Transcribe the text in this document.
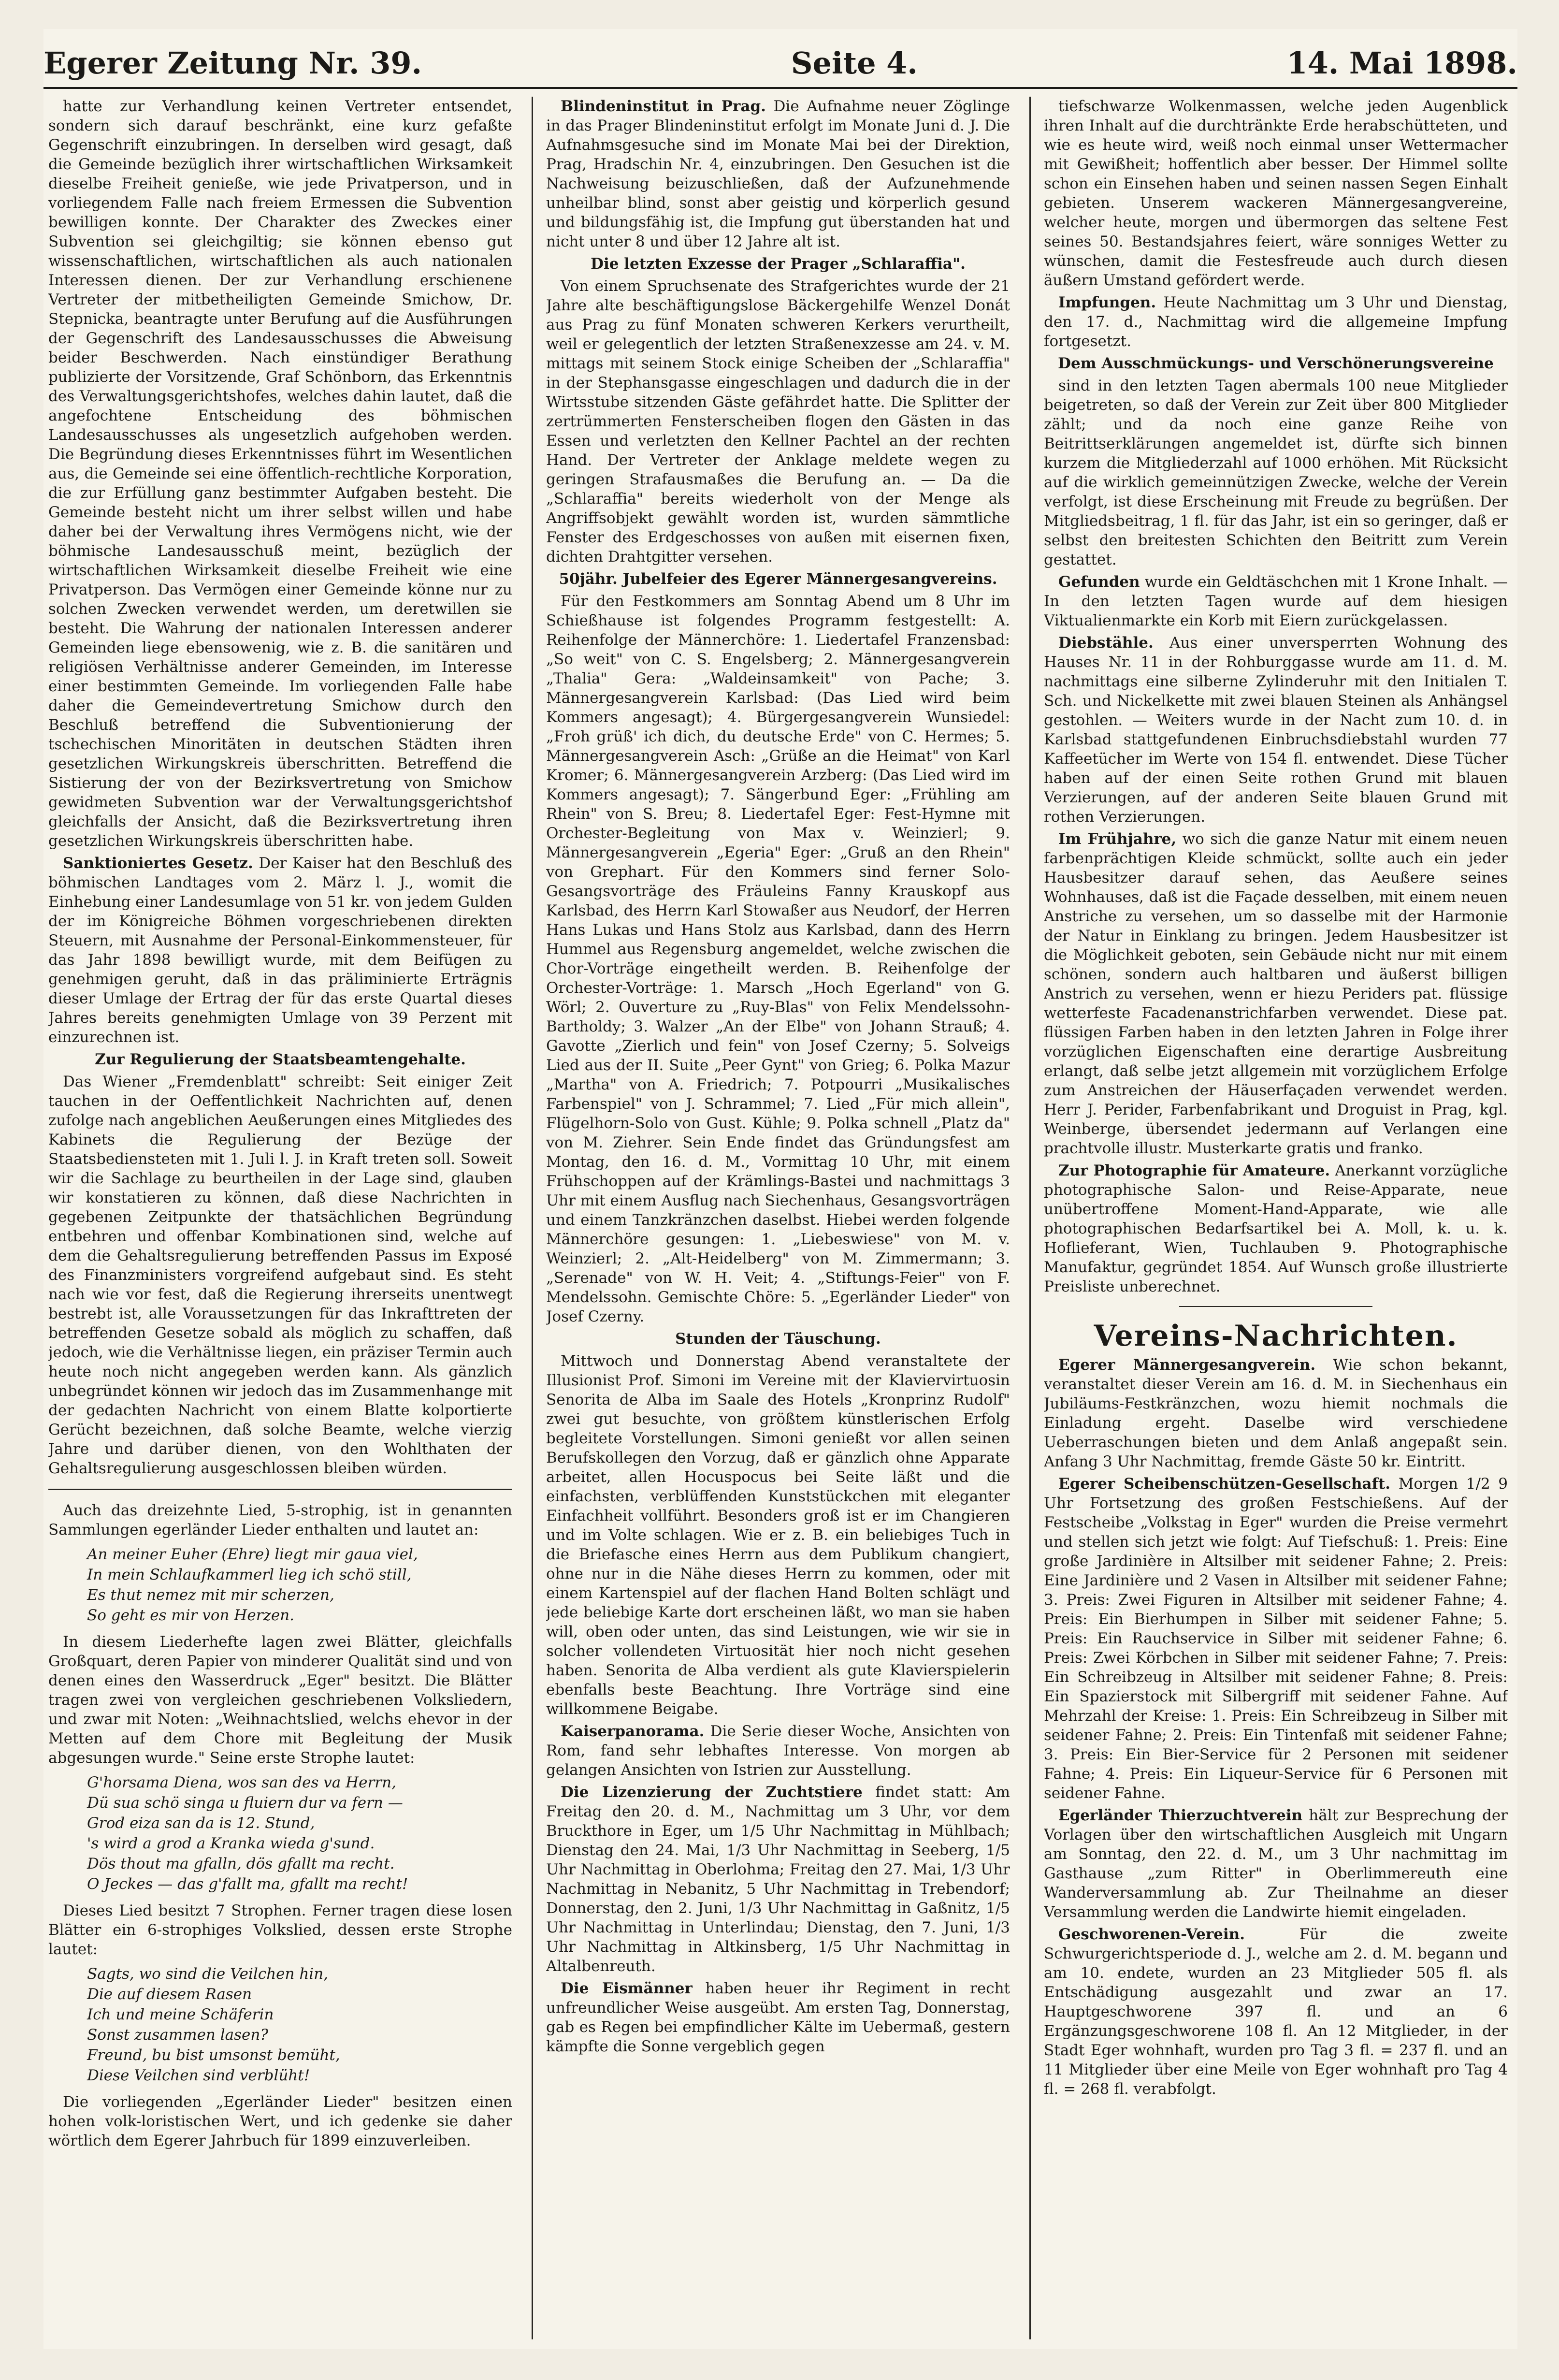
Egerer Zeitung Nr. 39.	Seite 4.	14. Mai 1898.

hatte zur Verhandlung keinen Vertreter entsendet, sondern sich darauf beschränkt, eine kurz gefaßte Gegenschrift einzubringen. In derselben wird gesagt, daß die Gemeinde bezüglich ihrer wirtschaftlichen Wirksamkeit dieselbe Freiheit genieße, wie jede Privatperson, und in vorliegendem Falle nach freiem Ermessen die Subvention bewilligen konnte. Der Charakter des Zweckes einer Subvention sei gleichgiltig; sie können ebenso gut wissenschaftlichen, wirtschaftlichen als auch nationalen Interessen dienen. Der zur Verhandlung erschienene Vertreter der mitbetheiligten Gemeinde Smichow, Dr. Stepnicka, beantragte unter Berufung auf die Ausführungen der Gegenschrift des Landesausschusses die Abweisung beider Beschwerden. Nach einstündiger Berathung publizierte der Vorsitzende, Graf Schönborn, das Erkenntnis des Verwaltungsgerichtshofes, welches dahin lautet, daß die angefochtene Entscheidung des böhmischen Landesausschusses als ungesetzlich aufgehoben werden. Die Begründung dieses Erkenntnisses führt im Wesentlichen aus, die Gemeinde sei eine öffentlich-rechtliche Korporation, die zur Erfüllung ganz bestimmter Aufgaben besteht. Die Gemeinde besteht nicht um ihrer selbst willen und habe daher bei der Verwaltung ihres Vermögens nicht, wie der böhmische Landesausschuß meint, bezüglich der wirtschaftlichen Wirksamkeit dieselbe Freiheit wie eine Privatperson. Das Vermögen einer Gemeinde könne nur zu solchen Zwecken verwendet werden, um deretwillen sie besteht. Die Wahrung der nationalen Interessen anderer Gemeinden liege ebensowenig, wie z. B. die sanitären und religiösen Verhältnisse anderer Gemeinden, im Interesse einer bestimmten Gemeinde. Im vorliegenden Falle habe daher die Gemeindevertretung Smichow durch den Beschluß betreffend die Subventionierung der tschechischen Minoritäten in deutschen Städten ihren gesetzlichen Wirkungskreis überschritten. Betreffend die Sistierung der von der Bezirksvertretung von Smichow gewidmeten Subvention war der Verwaltungsgerichtshof gleichfalls der Ansicht, daß die Bezirksvertretung ihren gesetzlichen Wirkungskreis überschritten habe.

Sanktioniertes Gesetz. Der Kaiser hat den Beschluß des böhmischen Landtages vom 2. März l. J., womit die Einhebung einer Landesumlage von 51 kr. von jedem Gulden der im Königreiche Böhmen vorgeschriebenen direkten Steuern, mit Ausnahme der Personal-Einkommensteuer, für das Jahr 1898 bewilligt wurde, mit dem Beifügen zu genehmigen geruht, daß in das präliminierte Erträgnis dieser Umlage der Ertrag der für das erste Quartal dieses Jahres bereits genehmigten Umlage von 39 Perzent mit einzurechnen ist.

Zur Regulierung der Staatsbeamtengehalte.

Das Wiener „Fremdenblatt" schreibt: Seit einiger Zeit tauchen in der Oeffentlichkeit Nachrichten auf, denen zufolge nach angeblichen Aeußerungen eines Mitgliedes des Kabinets die Regulierung der Bezüge der Staatsbediensteten mit 1. Juli l. J. in Kraft treten soll. Soweit wir die Sachlage zu beurtheilen in der Lage sind, glauben wir konstatieren zu können, daß diese Nachrichten in gegebenen Zeitpunkte der thatsächlichen Begründung entbehren und offenbar Kombinationen sind, welche auf dem die Gehaltsregulierung betreffenden Passus im Exposé des Finanzministers vorgreifend aufgebaut sind. Es steht nach wie vor fest, daß die Regierung ihrerseits unentwegt bestrebt ist, alle Voraussetzungen für das Inkrafttreten der betreffenden Gesetze sobald als möglich zu schaffen, daß jedoch, wie die Verhältnisse liegen, ein präziser Termin auch heute noch nicht angegeben werden kann. Als gänzlich unbegründet können wir jedoch das im Zusammenhange mit der gedachten Nachricht von einem Blatte kolportierte Gerücht bezeichnen, daß solche Beamte, welche vierzig Jahre und darüber dienen, von den Wohlthaten der Gehaltsregulierung ausgeschlossen bleiben würden.

Auch das dreizehnte Lied, 5-strophig, ist in genannten Sammlungen egerländer Lieder enthalten und lautet an:

An meiner Euher (Ehre) liegt mir gaua viel,
In mein Schlaufkammerl lieg ich schö still,
Es thut nemez mit mir scherzen,
So geht es mir von Herzen.

In diesem Liederhefte lagen zwei Blätter, gleichfalls Großquart, deren Papier von minderer Qualität sind und von denen eines den Wasserdruck „Eger" besitzt. Die Blätter tragen zwei von vergleichen geschriebenen Volksliedern, und zwar mit Noten: „Weihnachtslied, welchs ehevor in der Metten auf dem Chore mit Begleitung der Musik abgesungen wurde." Seine erste Strophe lautet:

G'horsama Diena, wos san des va Herrn,
Dü sua schö singa u fluiern dur va fern —
Grod eiza san da is 12. Stund,
's wird a grod a Kranka wieda g'sund.
Dös thout ma gfalln, dös gfallt ma recht.
O Jeckes — das g'fallt ma, gfallt ma recht!

Dieses Lied besitzt 7 Strophen. Ferner tragen diese losen Blätter ein 6-strophiges Volkslied, dessen erste Strophe lautet:

Sagts, wo sind die Veilchen hin,
Die auf diesem Rasen
Ich und meine Schäferin
Sonst zusammen lasen?
Freund, bu bist umsonst bemüht,
Diese Veilchen sind verblüht!

Die vorliegenden „Egerländer Lieder" besitzen einen hohen volk-loristischen Wert, und ich gedenke sie daher wörtlich dem Egerer Jahrbuch für 1899 einzuverleiben.

Blindeninstitut in Prag. Die Aufnahme neuer Zöglinge in das Prager Blindeninstitut erfolgt im Monate Juni d. J. Die Aufnahmsgesuche sind im Monate Mai bei der Direktion, Prag, Hradschin Nr. 4, einzubringen. Den Gesuchen ist die Nachweisung beizuschließen, daß der Aufzunehmende unheilbar blind, sonst aber geistig und körperlich gesund und bildungsfähig ist, die Impfung gut überstanden hat und nicht unter 8 und über 12 Jahre alt ist.

Die letzten Exzesse der Prager „Schlaraffia".

Von einem Spruchsenate des Strafgerichtes wurde der 21 Jahre alte beschäftigungslose Bäckergehilfe Wenzel Donát aus Prag zu fünf Monaten schweren Kerkers verurtheilt, weil er gelegentlich der letzten Straßenexzesse am 24. v. M. mittags mit seinem Stock einige Scheiben der „Schlaraffia" in der Stephansgasse eingeschlagen und dadurch die in der Wirtsstube sitzenden Gäste gefährdet hatte. Die Splitter der zertrümmerten Fensterscheiben flogen den Gästen in das Essen und verletzten den Kellner Pachtel an der rechten Hand. Der Vertreter der Anklage meldete wegen zu geringen Strafausmaßes die Berufung an. — Da die „Schlaraffia" bereits wiederholt von der Menge als Angriffsobjekt gewählt worden ist, wurden sämmtliche Fenster des Erdgeschosses von außen mit eisernen fixen, dichten Drahtgitter versehen.

50jähr. Jubelfeier des Egerer Männergesangvereins.

Für den Festkommers am Sonntag Abend um 8 Uhr im Schießhause ist folgendes Programm festgestellt: A. Reihenfolge der Männerchöre: 1. Liedertafel Franzensbad: „So weit" von C. S. Engelsberg; 2. Männergesangverein „Thalia" Gera: „Waldeinsamkeit" von Pache; 3. Männergesangverein Karlsbad: (Das Lied wird beim Kommers angesagt); 4. Bürgergesangverein Wunsiedel: „Froh grüß' ich dich, du deutsche Erde" von C. Hermes; 5. Männergesangverein Asch: „Grüße an die Heimat" von Karl Kromer; 6. Männergesangverein Arzberg: (Das Lied wird im Kommers angesagt); 7. Sängerbund Eger: „Frühling am Rhein" von S. Breu; 8. Liedertafel Eger: Fest-Hymne mit Orchester-Begleitung von Max v. Weinzierl; 9. Männergesangverein „Egeria" Eger: „Gruß an den Rhein" von Grephart. Für den Kommers sind ferner Solo-Gesangsvorträge des Fräuleins Fanny Krauskopf aus Karlsbad, des Herrn Karl Stowaßer aus Neudorf, der Herren Hans Lukas und Hans Stolz aus Karlsbad, dann des Herrn Hummel aus Regensburg angemeldet, welche zwischen die Chor-Vorträge eingetheilt werden. B. Reihenfolge der Orchester-Vorträge: 1. Marsch „Hoch Egerland" von G. Wörl; 2. Ouverture zu „Ruy-Blas" von Felix Mendelssohn-Bartholdy; 3. Walzer „An der Elbe" von Johann Strauß; 4. Gavotte „Zierlich und fein" von Josef Czerny; 5. Solveigs Lied aus der II. Suite „Peer Gynt" von Grieg; 6. Polka Mazur „Martha" von A. Friedrich; 7. Potpourri „Musikalisches Farbenspiel" von J. Schrammel; 7. Lied „Für mich allein", Flügelhorn-Solo von Gust. Kühle; 9. Polka schnell „Platz da" von M. Ziehrer. Sein Ende findet das Gründungsfest am Montag, den 16. d. M., Vormittag 10 Uhr, mit einem Frühschoppen auf der Krämlings-Bastei und nachmittags 3 Uhr mit einem Ausflug nach Siechenhaus, Gesangsvorträgen und einem Tanzkränzchen daselbst. Hiebei werden folgende Männerchöre gesungen: 1. „Liebeswiese" von M. v. Weinzierl; 2. „Alt-Heidelberg" von M. Zimmermann; 3. „Serenade" von W. H. Veit; 4. „Stiftungs-Feier" von F. Mendelssohn. Gemischte Chöre: 5. „Egerländer Lieder" von Josef Czerny.

Stunden der Täuschung.

Mittwoch und Donnerstag Abend veranstaltete der Illusionist Prof. Simoni im Vereine mit der Klaviervirtuosin Senorita de Alba im Saale des Hotels „Kronprinz Rudolf" zwei gut besuchte, von größtem künstlerischen Erfolg begleitete Vorstellungen. Simoni genießt vor allen seinen Berufskollegen den Vorzug, daß er gänzlich ohne Apparate arbeitet, allen Hocuspocus bei Seite läßt und die einfachsten, verblüffenden Kunststückchen mit eleganter Einfachheit vollführt. Besonders groß ist er im Changieren und im Volte schlagen. Wie er z. B. ein beliebiges Tuch in die Briefasche eines Herrn aus dem Publikum changiert, ohne nur in die Nähe dieses Herrn zu kommen, oder mit einem Kartenspiel auf der flachen Hand Bolten schlägt und jede beliebige Karte dort erscheinen läßt, wo man sie haben will, oben oder unten, das sind Leistungen, wie wir sie in solcher vollendeten Virtuosität hier noch nicht gesehen haben. Senorita de Alba verdient als gute Klavierspielerin ebenfalls beste Beachtung. Ihre Vorträge sind eine willkommene Beigabe.

Kaiserpanorama. Die Serie dieser Woche, Ansichten von Rom, fand sehr lebhaftes Interesse. Von morgen ab gelangen Ansichten von Istrien zur Ausstellung.

Die Lizenzierung der Zuchtstiere findet statt: Am Freitag den 20. d. M., Nachmittag um 3 Uhr, vor dem Bruckthore in Eger, um 1/5 Uhr Nachmittag in Mühlbach; Dienstag den 24. Mai, 1/3 Uhr Nachmittag in Seeberg, 1/5 Uhr Nachmittag in Oberlohma; Freitag den 27. Mai, 1/3 Uhr Nachmittag in Nebanitz, 5 Uhr Nachmittag in Trebendorf; Donnerstag, den 2. Juni, 1/3 Uhr Nachmittag in Gaßnitz, 1/5 Uhr Nachmittag in Unterlindau; Dienstag, den 7. Juni, 1/3 Uhr Nachmittag in Altkinsberg, 1/5 Uhr Nachmittag in Altalbenreuth.

Die Eismänner haben heuer ihr Regiment in recht unfreundlicher Weise ausgeübt. Am ersten Tag, Donnerstag, gab es Regen bei empfindlicher Kälte im Uebermaß, gestern kämpfte die Sonne vergeblich gegen

tiefschwarze Wolkenmassen, welche jeden Augenblick ihren Inhalt auf die durchtränkte Erde herabschütteten, und wie es heute wird, weiß noch einmal unser Wettermacher mit Gewißheit; hoffentlich aber besser. Der Himmel sollte schon ein Einsehen haben und seinen nassen Segen Einhalt gebieten. Unserem wackeren Männergesangvereine, welcher heute, morgen und übermorgen das seltene Fest seines 50. Bestandsjahres feiert, wäre sonniges Wetter zu wünschen, damit die Festesfreude auch durch diesen äußern Umstand gefördert werde.

Impfungen. Heute Nachmittag um 3 Uhr und Dienstag, den 17. d., Nachmittag wird die allgemeine Impfung fortgesetzt.

Dem Ausschmückungs- und Verschönerungsvereine

sind in den letzten Tagen abermals 100 neue Mitglieder beigetreten, so daß der Verein zur Zeit über 800 Mitglieder zählt; und da noch eine ganze Reihe von Beitrittserklärungen angemeldet ist, dürfte sich binnen kurzem die Mitgliederzahl auf 1000 erhöhen. Mit Rücksicht auf die wirklich gemeinnützigen Zwecke, welche der Verein verfolgt, ist diese Erscheinung mit Freude zu begrüßen. Der Mitgliedsbeitrag, 1 fl. für das Jahr, ist ein so geringer, daß er selbst den breitesten Schichten den Beitritt zum Verein gestattet.

Gefunden wurde ein Geldtäschchen mit 1 Krone Inhalt. — In den letzten Tagen wurde auf dem hiesigen Viktualienmarkte ein Korb mit Eiern zurückgelassen.

Diebstähle. Aus einer unversperrten Wohnung des Hauses Nr. 11 in der Rohburggasse wurde am 11. d. M. nachmittags eine silberne Zylinderuhr mit den Initialen T. Sch. und Nickelkette mit zwei blauen Steinen als Anhängsel gestohlen. — Weiters wurde in der Nacht zum 10. d. in Karlsbad stattgefundenen Einbruchsdiebstahl wurden 77 Kaffeetücher im Werte von 154 fl. entwendet. Diese Tücher haben auf der einen Seite rothen Grund mit blauen Verzierungen, auf der anderen Seite blauen Grund mit rothen Verzierungen.

Im Frühjahre, wo sich die ganze Natur mit einem neuen farbenprächtigen Kleide schmückt, sollte auch ein jeder Hausbesitzer darauf sehen, das Aeußere seines Wohnhauses, daß ist die Façade desselben, mit einem neuen Anstriche zu versehen, um so dasselbe mit der Harmonie der Natur in Einklang zu bringen. Jedem Hausbesitzer ist die Möglichkeit geboten, sein Gebäude nicht nur mit einem schönen, sondern auch haltbaren und äußerst billigen Anstrich zu versehen, wenn er hiezu Periders pat. flüssige wetterfeste Facadenanstrichfarben verwendet. Diese pat. flüssigen Farben haben in den letzten Jahren in Folge ihrer vorzüglichen Eigenschaften eine derartige Ausbreitung erlangt, daß selbe jetzt allgemein mit vorzüglichem Erfolge zum Anstreichen der Häuserfaçaden verwendet werden. Herr J. Perider, Farbenfabrikant und Droguist in Prag, kgl. Weinberge, übersendet jedermann auf Verlangen eine prachtvolle illustr. Musterkarte gratis und franko.

Zur Photographie für Amateure. Anerkannt vorzügliche photographische Salon- und Reise-Apparate, neue unübertroffene Moment-Hand-Apparate, wie alle photographischen Bedarfsartikel bei A. Moll, k. u. k. Hoflieferant, Wien, Tuchlauben 9. Photographische Manufaktur, gegründet 1854. Auf Wunsch große illustrierte Preisliste unberechnet.

Vereins-Nachrichten.

Egerer Männergesangverein. Wie schon bekannt, veranstaltet dieser Verein am 16. d. M. in Siechenhaus ein Jubiläums-Festkränzchen, wozu hiemit nochmals die Einladung ergeht. Daselbe wird verschiedene Ueberraschungen bieten und dem Anlaß angepaßt sein. Anfang 3 Uhr Nachmittag, fremde Gäste 50 kr. Eintritt.

Egerer Scheibenschützen-Gesellschaft. Morgen 1/2 9 Uhr Fortsetzung des großen Festschießens. Auf der Festscheibe „Volkstag in Eger" wurden die Preise vermehrt und stellen sich jetzt wie folgt: Auf Tiefschuß: 1. Preis: Eine große Jardinière in Altsilber mit seidener Fahne; 2. Preis: Eine Jardinière und 2 Vasen in Altsilber mit seidener Fahne; 3. Preis: Zwei Figuren in Altsilber mit seidener Fahne; 4. Preis: Ein Bierhumpen in Silber mit seidener Fahne; 5. Preis: Ein Rauchservice in Silber mit seidener Fahne; 6. Preis: Zwei Körbchen in Silber mit seidener Fahne; 7. Preis: Ein Schreibzeug in Altsilber mit seidener Fahne; 8. Preis: Ein Spazierstock mit Silbergriff mit seidener Fahne. Auf Mehrzahl der Kreise: 1. Preis: Ein Schreibzeug in Silber mit seidener Fahne; 2. Preis: Ein Tintenfaß mit seidener Fahne; 3. Preis: Ein Bier-Service für 2 Personen mit seidener Fahne; 4. Preis: Ein Liqueur-Service für 6 Personen mit seidener Fahne.

Egerländer Thierzuchtverein hält zur Besprechung der Vorlagen über den wirtschaftlichen Ausgleich mit Ungarn am Sonntag, den 22. d. M., um 3 Uhr nachmittag im Gasthause „zum Ritter" in Oberlimmereuth eine Wanderversammlung ab. Zur Theilnahme an dieser Versammlung werden die Landwirte hiemit eingeladen.

Geschworenen-Verein.	Für die zweite Schwurgerichtsperiode d. J., welche am 2. d. M. begann und am 10. endete, wurden an 23 Mitglieder 505 fl. als Entschädigung ausgezahlt und zwar an 17. Hauptgeschworene 397 fl. und an 6 Ergänzungsgeschworene 108 fl. An 12 Mitglieder, in der Stadt Eger wohnhaft, wurden pro Tag 3 fl. = 237 fl. und an 11 Mitglieder über eine Meile von Eger wohnhaft pro Tag 4 fl. = 268 fl. verabfolgt.
